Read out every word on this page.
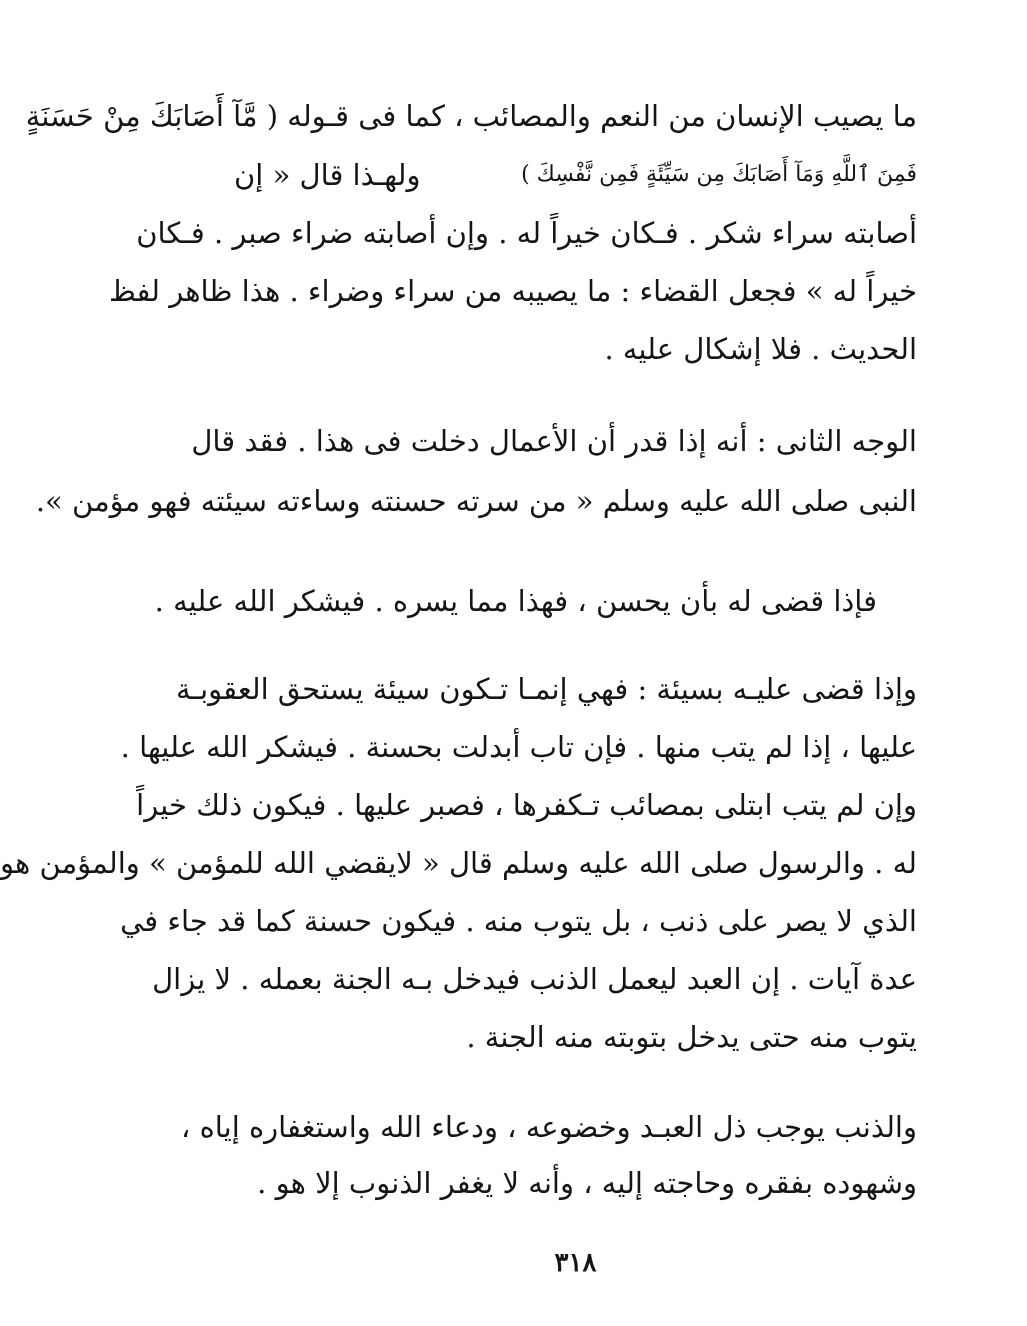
ما يصيب الإنسان من النعم والمصائب ، كما فى قـوله ( مَّآ أَصَابَكَ مِنْ حَسَنَةٍ
فَمِنَ ٱللَّهِ وَمَآ أَصَابَكَ مِن سَيِّئَةٍ فَمِن نَّفْسِكَ )
ولهـذا قال « إن
أصابته سراء شكر . فـكان خيراً له . وإن أصابته ضراء صبر . فـكان
خيراً له » فجعل القضاء : ما يصيبه من سراء وضراء . هذا ظاهر لفظ
الحديث . فلا إشكال عليه .
الوجه الثانى : أنه إذا قدر أن الأعمال دخلت فى هذا . فقد قال
النبى صلى الله عليه وسلم « من سرته حسنته وساءته سيئته فهو مؤمن ».
فإذا قضى له بأن يحسن ، فهذا مما يسره . فيشكر الله عليه .
وإذا قضى عليـه بسيئة : فهي إنمـا تـكون سيئة يستحق العقوبـة
عليها ، إذا لم يتب منها . فإن تاب أبدلت بحسنة . فيشكر الله عليها .
وإن لم يتب ابتلى بمصائب تـكفرها ، فصبر عليها . فيكون ذلك خيراً
له . والرسول صلى الله عليه وسلم قال « لايقضي الله للمؤمن » والمؤمن هو
الذي لا يصر على ذنب ، بل يتوب منه . فيكون حسنة كما قد جاء في
عدة آيات . إن العبد ليعمل الذنب فيدخل بـه الجنة بعمله . لا يزال
يتوب منه حتى يدخل بتوبته منه الجنة .
والذنب يوجب ذل العبـد وخضوعه ، ودعاء الله واستغفاره إياه ،
وشهوده بفقره وحاجته إليه ، وأنه لا يغفر الذنوب إلا هو .
٣١٨
